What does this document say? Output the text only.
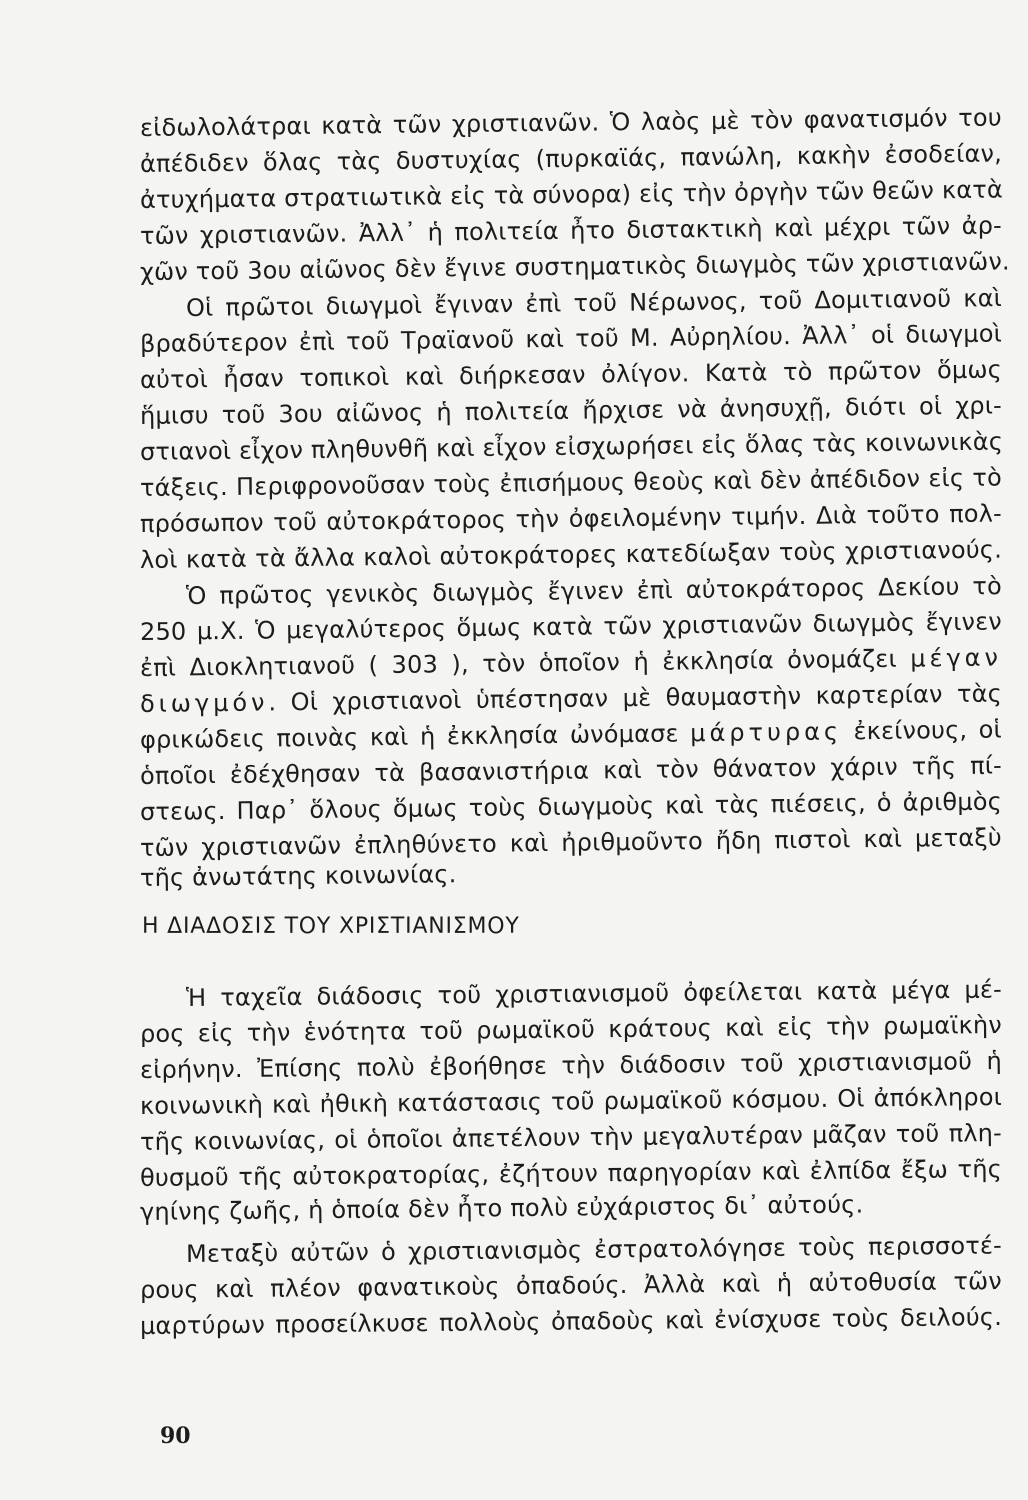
εἰδωλολάτραι κατὰ τῶν χριστιανῶν. Ὁ λαὸς μὲ τὸν φανατισμόν του
ἀπέδιδεν ὅλας τὰς δυστυχίας (πυρκαϊάς, πανώλη, κακὴν ἐσοδείαν,
ἀτυχήματα στρατιωτικὰ εἰς τὰ σύνορα) εἰς τὴν ὀργὴν τῶν θεῶν κατὰ
τῶν χριστιανῶν. Ἀλλ᾽ ἡ πολιτεία ἦτο διστακτικὴ καὶ μέχρι τῶν ἀρ-
χῶν τοῦ 3ου αἰῶνος δὲν ἔγινε συστηματικὸς διωγμὸς τῶν χριστιανῶν.
Οἱ πρῶτοι διωγμοὶ ἔγιναν ἐπὶ τοῦ Νέρωνος, τοῦ Δομιτιανοῦ καὶ
βραδύτερον ἐπὶ τοῦ Τραϊανοῦ καὶ τοῦ Μ. Αὐρηλίου. Ἀλλ᾽ οἱ διωγμοὶ
αὐτοὶ ἦσαν τοπικοὶ καὶ διήρκεσαν ὀλίγον. Κατὰ τὸ πρῶτον ὅμως
ἥμισυ τοῦ 3ου αἰῶνος ἡ πολιτεία ἤρχισε νὰ ἀνησυχῇ, διότι οἱ χρι-
στιανοὶ εἶχον πληθυνθῆ καὶ εἶχον εἰσχωρήσει εἰς ὅλας τὰς κοινωνικὰς
τάξεις. Περιφρονοῦσαν τοὺς ἐπισήμους θεοὺς καὶ δὲν ἀπέδιδον εἰς τὸ
πρόσωπον τοῦ αὐτοκράτορος τὴν ὀφειλομένην τιμήν. Διὰ τοῦτο πολ-
λοὶ κατὰ τὰ ἄλλα καλοὶ αὐτοκράτορες κατεδίωξαν τοὺς χριστιανούς.
Ὁ πρῶτος γενικὸς διωγμὸς ἔγινεν ἐπὶ αὐτοκράτορος Δεκίου τὸ
250 μ.Χ. Ὁ μεγαλύτερος ὅμως κατὰ τῶν χριστιανῶν διωγμὸς ἔγινεν
ἐπὶ Διοκλητιανοῦ ( 303 ), τὸν ὁποῖον ἡ ἐκκλησία ὀνομάζει μέγαν
διωγμόν. Οἱ χριστιανοὶ ὑπέστησαν μὲ θαυμαστὴν καρτερίαν τὰς
φρικώδεις ποινὰς καὶ ἡ ἐκκλησία ὠνόμασε μάρτυρας ἐκείνους, οἱ
ὁποῖοι ἐδέχθησαν τὰ βασανιστήρια καὶ τὸν θάνατον χάριν τῆς πί-
στεως. Παρ᾽ ὅλους ὅμως τοὺς διωγμοὺς καὶ τὰς πιέσεις, ὁ ἀριθμὸς
τῶν χριστιανῶν ἐπληθύνετο καὶ ἠριθμοῦντο ἤδη πιστοὶ καὶ μεταξὺ
τῆς ἀνωτάτης κοινωνίας.
Η ΔΙΑΔΟΣΙΣ ΤΟΥ ΧΡΙΣΤΙΑΝΙΣΜΟΥ
Ἡ ταχεῖα διάδοσις τοῦ χριστιανισμοῦ ὀφείλεται κατὰ μέγα μέ-
ρος εἰς τὴν ἑνότητα τοῦ ρωμαϊκοῦ κράτους καὶ εἰς τὴν ρωμαϊκὴν
εἰρήνην. Ἐπίσης πολὺ ἐβοήθησε τὴν διάδοσιν τοῦ χριστιανισμοῦ ἡ
κοινωνικὴ καὶ ἠθικὴ κατάστασις τοῦ ρωμαϊκοῦ κόσμου. Οἱ ἀπόκληροι
τῆς κοινωνίας, οἱ ὁποῖοι ἀπετέλουν τὴν μεγαλυτέραν μᾶζαν τοῦ πλη-
θυσμοῦ τῆς αὐτοκρατορίας, ἐζήτουν παρηγορίαν καὶ ἐλπίδα ἔξω τῆς
γηίνης ζωῆς, ἡ ὁποία δὲν ἦτο πολὺ εὐχάριστος δι᾽ αὐτούς.
Μεταξὺ αὐτῶν ὁ χριστιανισμὸς ἐστρατολόγησε τοὺς περισσοτέ-
ρους καὶ πλέον φανατικοὺς ὀπαδούς. Ἀλλὰ καὶ ἡ αὐτοθυσία τῶν
μαρτύρων προσείλκυσε πολλοὺς ὀπαδοὺς καὶ ἐνίσχυσε τοὺς δειλούς.
90
